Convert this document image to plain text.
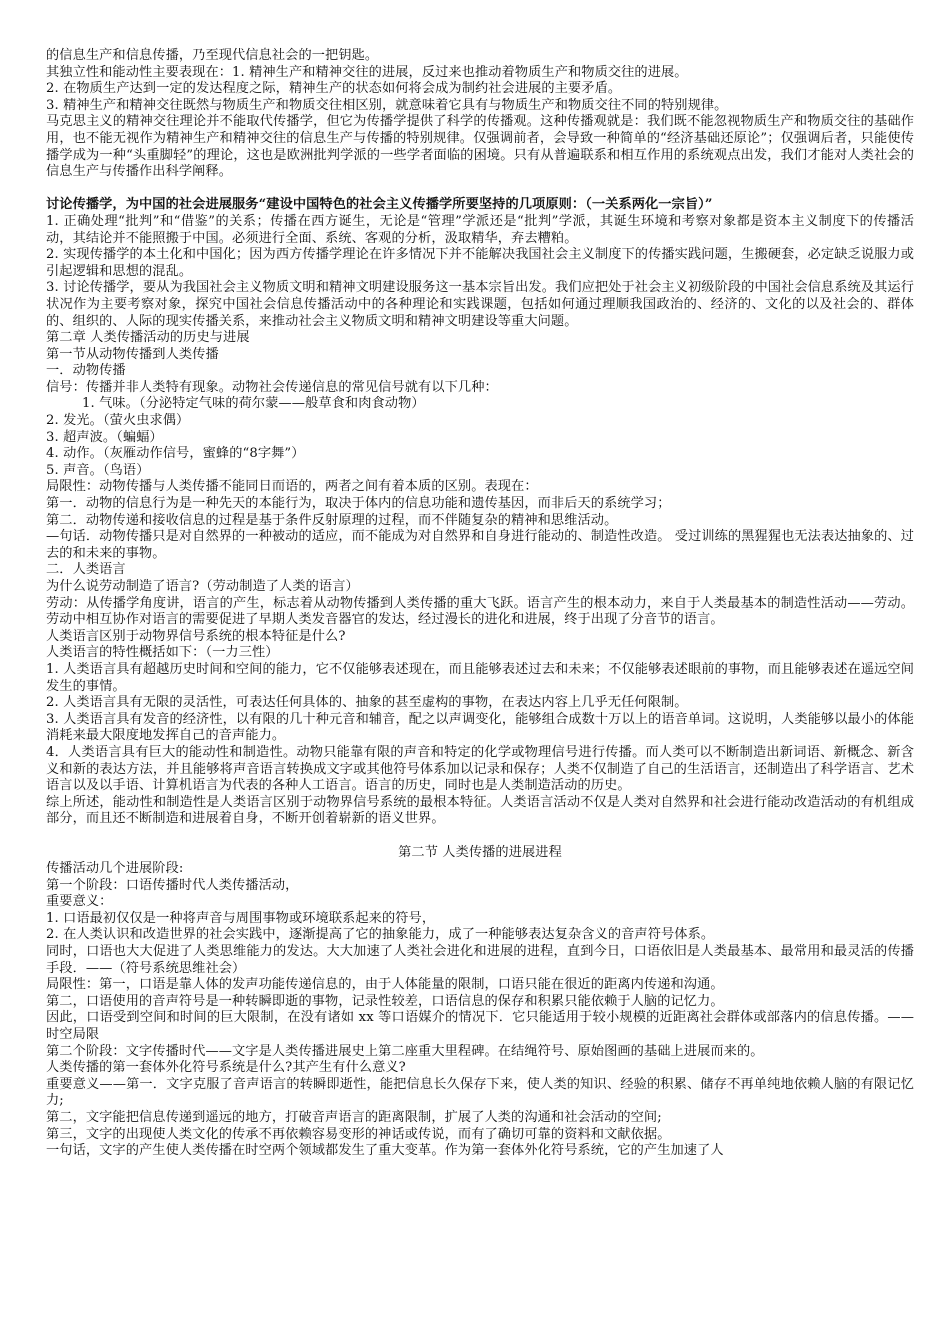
的信息生产和信息传播，乃至现代信息社会的一把钥匙。

其独立性和能动性主要表现在：1. 精神生产和精神交往的进展，反过来也推动着物质生产和物质交往的进展。

2. 在物质生产达到一定的发达程度之际，精神生产的状态如何将会成为制约社会进展的主要矛盾。

3. 精神生产和精神交往既然与物质生产和物质交往相区别，就意味着它具有与物质生产和物质交往不同的特别规律。

马克思主义的精神交往理论并不能取代传播学，但它为传播学提供了科学的传播观。这种传播观就是：我们既不能忽视物质生产和物质交往的基础作用，也不能无视作为精神生产和精神交往的信息生产与传播的特别规律。仅强调前者，会导致一种简单的“经济基础还原论”；仅强调后者，只能使传播学成为一种“头重脚轻”的理论，这也是欧洲批判学派的一些学者面临的困境。只有从普遍联系和相互作用的系统观点出发，我们才能对人类社会的信息生产与传播作出科学阐释。

讨论传播学，为中国的社会进展服务“建设中国特色的社会主义传播学所要坚持的几项原则：（一关系两化一宗旨）”

1. 正确处理“批判”和“借鉴”的关系；传播在西方诞生，无论是“管理”学派还是“批判”学派，其诞生环境和考察对象都是资本主义制度下的传播活动，其结论并不能照搬于中国。必须进行全面、系统、客观的分析，汲取精华，弃去糟粕。

2. 实现传播学的本土化和中国化；因为西方传播学理论在许多情况下并不能解决我国社会主义制度下的传播实践问题，生搬硬套，必定缺乏说服力或引起逻辑和思想的混乱。

3. 讨论传播学，要从为我国社会主义物质文明和精神文明建设服务这一基本宗旨出发。我们应把处于社会主义初级阶段的中国社会信息系统及其运行状况作为主要考察对象，探究中国社会信息传播活动中的各种理论和实践课题，包括如何通过理顺我国政治的、经济的、文化的以及社会的、群体的、组织的、人际的现实传播关系，来推动社会主义物质文明和精神文明建设等重大问题。

第二章 人类传播活动的历史与进展

第一节从动物传播到人类传播

一．动物传播

信号：传播并非人类特有现象。动物社会传递信息的常见信号就有以下几种：

1. 气味。（分泌特定气味的荷尔蒙——般草食和肉食动物）

2. 发光。（萤火虫求偶）

3. 超声波。（蝙蝠）

4. 动作。（灰雁动作信号，蜜蜂的“8字舞”）

5. 声音。（鸟语）

局限性：动物传播与人类传播不能同日而语的，两者之间有着本质的区别。表现在：

第一．动物的信息行为是一种先天的本能行为，取决于体内的信息功能和遗传基因，而非后天的系统学习；

第二．动物传递和接收信息的过程是基于条件反射原理的过程，而不伴随复杂的精神和思维活动。

—句话．动物传播只是对自然界的一种被动的适应，而不能成为对自然界和自身进行能动的、制造性改造。 受过训练的黑猩猩也无法表达抽象的、过去的和未来的事物。

二．人类语言

为什么说劳动制造了语言?（劳动制造了人类的语言）

劳动：从传播学角度讲，语言的产生，标志着从动物传播到人类传播的重大飞跃。语言产生的根本动力，来自于人类最基本的制造性活动——劳动。劳动中相互协作对语言的需要促进了早期人类发音器官的发达，经过漫长的进化和进展，终于出现了分音节的语言。

人类语言区别于动物界信号系统的根本特征是什么?

人类语言的特性概括如下：（一力三性）

1. 人类语言具有超越历史时间和空间的能力，它不仅能够表述现在，而且能够表述过去和未来；不仅能够表述眼前的事物，而且能够表述在遥远空间发生的事情。

2. 人类语言具有无限的灵活性，可表达任何具体的、抽象的甚至虚构的事物，在表达内容上几乎无任何限制。

3. 人类语言具有发音的经济性，以有限的几十种元音和辅音，配之以声调变化，能够组合成数十万以上的语音单词。这说明，人类能够以最小的体能消耗来最大限度地发挥自己的音声能力。

4．人类语言具有巨大的能动性和制造性。动物只能靠有限的声音和特定的化学或物理信号进行传播。而人类可以不断制造出新词语、新概念、新含义和新的表达方法，并且能够将声音语言转换成文字或其他符号体系加以记录和保存；人类不仅制造了自己的生活语言，还制造出了科学语言、艺术语言以及以手语、计算机语言为代表的各种人工语言。语言的历史，同时也是人类制造活动的历史。

综上所述，能动性和制造性是人类语言区别于动物界信号系统的最根本特征。人类语言活动不仅是人类对自然界和社会进行能动改造活动的有机组成部分，而且还不断制造和进展着自身，不断开创着崭新的语义世界。

第二节 人类传播的进展进程

传播活动几个进展阶段:

第一个阶段：口语传播时代人类传播活动，

重要意义：

1. 口语最初仅仅是一种将声音与周围事物或环境联系起来的符号，

2. 在人类认识和改造世界的社会实践中，逐渐提高了它的抽象能力，成了一种能够表达复杂含义的音声符号体系。

同时，口语也大大促进了人类思维能力的发达。大大加速了人类社会进化和进展的进程，直到今日，口语依旧是人类最基本、最常用和最灵活的传播手段．——（符号系统思维社会）

局限性：第一，口语是靠人体的发声功能传递信息的，由于人体能量的限制，口语只能在很近的距离内传递和沟通。

第二，口语使用的音声符号是一种转瞬即逝的事物，记录性较差，口语信息的保存和积累只能依赖于人脑的记忆力。

因此，口语受到空间和时间的巨大限制，在没有诸如 xx 等口语媒介的情况下．它只能适用于较小规模的近距离社会群体或部落内的信息传播。——时空局限

第二个阶段：文字传播时代——文字是人类传播进展史上第二座重大里程碑。在结绳符号、原始图画的基础上进展而来的。

人类传播的第一套体外化符号系统是什么?其产生有什么意义?

重要意义——第一．文字克服了音声语言的转瞬即逝性，能把信息长久保存下来，使人类的知识、经验的积累、储存不再单纯地依赖人脑的有限记忆力;

第二，文字能把信息传递到遥远的地方，打破音声语言的距离限制，扩展了人类的沟通和社会活动的空间;

第三，文字的出现使人类文化的传承不再依赖容易变形的神话或传说，而有了确切可靠的资料和文献依据。

一句话，文字的产生使人类传播在时空两个领域都发生了重大变革。作为第一套体外化符号系统，它的产生加速了人
